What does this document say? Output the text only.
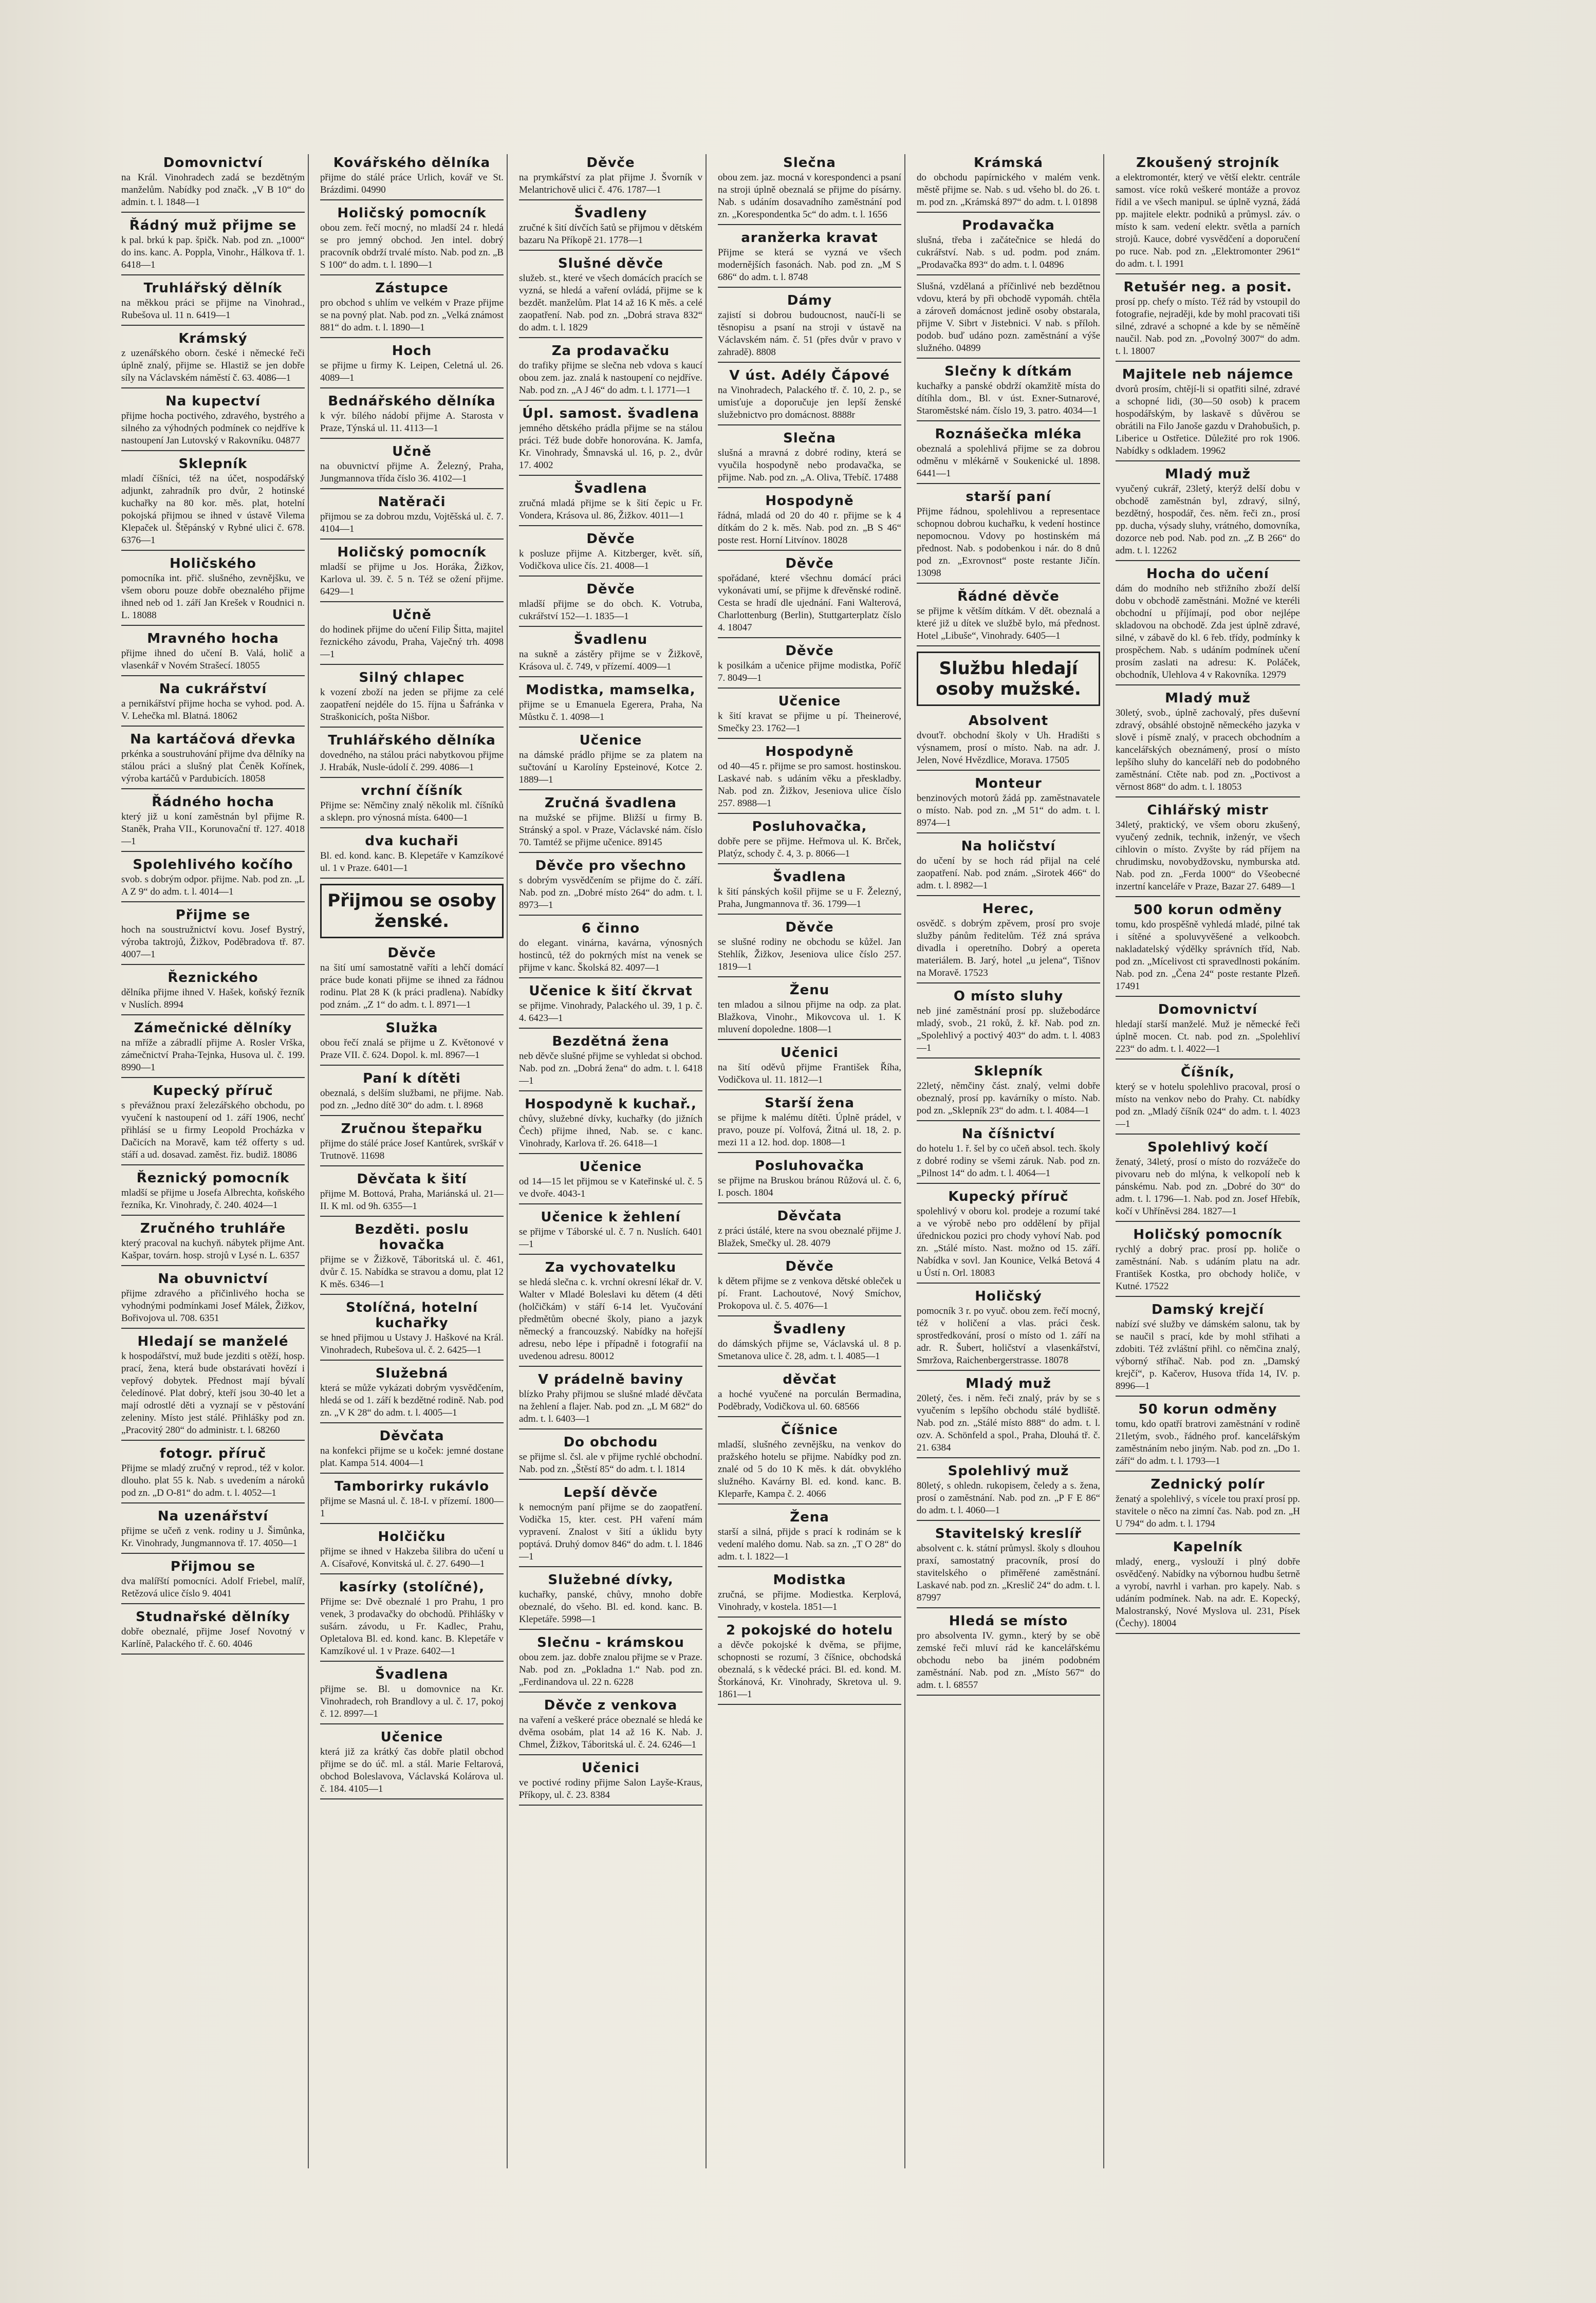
Domovnictví

na Král. Vinohradech zadá se bezdětným manželům. Nabídky pod značk. „V B 10“ do admin. t. l. 1848—1

Řádný muž přijme se

k pal. brkú k pap. špičk. Nab. pod zn. „1000“ do ins. kanc. A. Poppla, Vinohr., Hálkova tř. 1. 6418—1

Truhlářský dělník

na měkkou práci se přijme na Vinohrad., Rubešova ul. 11 n. 6419—1

Krámský

z uzenářského oborn. české i německé řeči úplně znalý, přijme se. Hlastiž se jen dobře síly na Václavském náměstí č. 63. 4086—1

Na kupectví

přijme hocha poctivého, zdravého, bystrého a silného za výhodných podmínek co nejdříve k nastoupení Jan Lutovský v Rakovníku. 04877

Sklepník

mladí číšníci, též na účet, nospodářský adjunkt, zahradník pro dvůr, 2 hotinské kuchařky na 80 kor. měs. plat, hotelní pokojská přijmou se ihned v ústavě Vilema Klepaček ul. Štěpánský v Rybné ulici č. 678. 6376—1

Holičského

pomocníka int. přič. slušného, zevnějšku, ve všem oboru pouze dobře obeznalého přijme ihned neb od 1. září Jan Krešek v Roudnici n. L. 18088

Mravného hocha

přijme ihned do učení B. Valá, holič a vlasenkář v Novém Strašecí. 18055

Na cukrářství

a pernikářství přijme hocha se vyhod. pod. A. V. Lehečka ml. Blatná. 18062

Na kartáčová dřevka

prkénka a soustruhování přijme dva dělníky na stálou práci a slušný plat Čeněk Kořínek, výroba kartáčů v Pardubicích. 18058

Řádného hocha

který již u koní zaměstnán byl přijme R. Staněk, Praha VII., Korunovační tř. 127. 4018—1

Spolehlivého kočího

svob. s dobrým odpor. přijme. Nab. pod zn. „L A Z 9“ do adm. t. l. 4014—1

Přijme se

hoch na soustružnictví kovu. Josef Bystrý, výroba taktrojů, Žižkov, Poděbradova tř. 87. 4007—1

Řeznického

dělníka přijme ihned V. Hašek, koňský řezník v Nuslích. 8994

Zámečnické dělníky

na mříže a zábradlí přijme A. Rosler Vrška, zámečnictví Praha-Tejnka, Husova ul. č. 199. 8990—1

Kupecký příruč

s převážnou praxí železářského obchodu, po vyučení k nastoupení od 1. září 1906, nechť přihlásí se u firmy Leopold Procházka v Dačicích na Moravě, kam též offerty s ud. stáří a ud. dosavad. zaměst. řiz. budiž. 18086

Řeznický pomocník

mladší se přijme u Josefa Albrechta, koňského řezníka, Kr. Vinohrady, č. 240. 4024—1

Zručného truhláře

který pracoval na kuchyň. nábytek přijme Ant. Kašpar, továrn. hosp. strojů v Lysé n. L. 6357

Na obuvnictví

přijme zdravého a přičinlivého hocha se vyhodnými podmínkami Josef Málek, Žižkov, Bořivojova ul. 708. 6351

Hledají se manželé

k hospodářství, muž bude jezditi s otěží, hosp. prací, žena, která bude obstarávati hovězí i vepřový dobytek. Přednost mají bývalí čeledínové. Plat dobrý, kteří jsou 30-40 let a mají odrostlé děti a vyznají se v pěstování zeleniny. Místo jest stálé. Přihlášky pod zn. „Pracovitý 280“ do administr. t. l. 68260

fotogr. příruč

Přijme se mladý zručný v reprod., též v kolor. dlouho. plat 55 k. Nab. s uvedením a nároků pod zn. „D O-81“ do adm. t. l. 4052—1

Na uzenářství

přijme se učeň z venk. rodiny u J. Šimůnka, Kr. Vinohrady, Jungmannova tř. 17. 4050—1

Přijmou se

dva malířští pomocníci. Adolf Friebel, malíř, Retězová ulice číslo 9. 4041

Studnařské dělníky

dobře obeznalé, přijme Josef Novotný v Karlíně, Palackého tř. č. 60. 4046

Kovářského dělníka

přijme do stálé práce Urlich, kovář ve St. Brázdimi. 04990

Holičský pomocník

obou zem. řečí mocný, no mladší 24 r. hledá se pro jemný obchod. Jen intel. dobrý pracovník obdrží trvalé místo. Nab. pod zn. „B S 100“ do adm. t. l. 1890—1

Zástupce

pro obchod s uhlím ve velkém v Praze přijme se na povný plat. Nab. pod zn. „Velká známost 881“ do adm. t. l. 1890—1

Hoch

se přijme u firmy K. Leipen, Celetná ul. 26. 4089—1

Bednářského dělníka

k výr. bílého nádobí přijme A. Starosta v Praze, Týnská ul. 11. 4113—1

Učně

na obuvnictví přijme A. Železný, Praha, Jungmannova třída číslo 36. 4102—1

Natěrači

přijmou se za dobrou mzdu, Vojtěšská ul. č. 7. 4104—1

Holičský pomocník

mladší se přijme u Jos. Horáka, Žižkov, Karlova ul. 39. č. 5 n. Též se ožení přijme. 6429—1

Učně

do hodinek přijme do učení Filip Šitta, majitel řeznického závodu, Praha, Vaječný trh. 4098—1

Silný chlapec

k vození zboží na jeden se přijme za celé zaopatření nejdéle do 15. října u Šafránka v Straškonicích, pošta Nišbor.

Truhlářského dělníka

dovedného, na stálou práci nabytkovou přijme J. Hrabák, Nusle-údolí č. 299. 4086—1

vrchní číšník

Přijme se: Němčiny znalý několik ml. číšníků a sklepn. pro výnosná místa. 6400—1

dva kuchaři

Bl. ed. kond. kanc. B. Klepetáře v Kamzíkové ul. 1 v Praze. 6401—1

Přijmou se osoby ženské.
Děvče

na šití umí samostatně vaříti a lehčí domácí práce bude konati přijme se ihned za řádnou rodinu. Plat 28 K (k práci pradlena). Nabídky pod znám. „Z 1“ do adm. t. l. 8971—1

Služka

obou řečí znalá se přijme u Z. Květonové v Praze VII. č. 624. Dopol. k. ml. 8967—1

Paní k dítěti

obeznalá, s delším službami, ne přijme. Nab. pod zn. „Jedno dítě 30“ do adm. t. l. 8968

Zručnou štepařku

přijme do stálé práce Josef Kantůrek, svrškář v Trutnově. 11698

Děvčata k šití

přijme M. Bottová, Praha, Mariánská ul. 21—II. K ml. od 9h. 6355—1

Bezděti. poslu hovačka

přijme se v Žižkově, Táboritská ul. č. 461, dvůr č. 15. Nabídka se stravou a domu, plat 12 K měs. 6346—1

Stolíčná, hotelní kuchařky

se hned přijmou u Ustavy J. Haškové na Král. Vinohradech, Rubešova ul. č. 2. 6425—1

Služebná

která se může vykázati dobrým vysvědčením, hledá se od 1. září k bezdětné rodině. Nab. pod zn. „V K 28“ do adm. t. l. 4005—1

Děvčata

na konfekci přijme se u koček: jemné dostane plat. Kampa 514. 4004—1

Tamborirky rukávlo

přijme se Masná ul. č. 18-I. v přízemí. 1800—1

Holčičku

přijme se ihned v Hakzeba šilibra do učení u A. Císařové, Konvitská ul. č. 27. 6490—1

kasírky (stolíčné),

Přijme se: Dvě obeznalé 1 pro Prahu, 1 pro venek, 3 prodavačky do obchodů. Přihlášky v sušárn. závodu, u Fr. Kadlec, Prahu, Opletalova Bl. ed. kond. kanc. B. Klepetáře v Kamzíkové ul. 1 v Praze. 6402—1

Švadlena

přijme se. Bl. u domovnice na Kr. Vinohradech, roh Brandlovy a ul. č. 17, pokoj č. 12. 8997—1

Učenice

která již za krátký čas dobře platil obchod přijme se do úč. ml. a stál. Marie Feltarová, obchod Boleslavova, Václavská Kolárova ul. č. 184. 4105—1

Děvče

na prymkářství za plat přijme J. Švorník v Melantrichově ulici č. 476. 1787—1

Švadleny

zručné k šití dívčích šatů se přijmou v dětském bazaru Na Příkopě 21. 1778—1

Slušné děvče

služeb. st., které ve všech domácích pracích se vyzná, se hledá a vaření ovládá, přijme se k bezdět. manželům. Plat 14 až 16 K měs. a celé zaopatření. Nab. pod zn. „Dobrá strava 832“ do adm. t. l. 1829

Za prodavačku

do trafiky přijme se slečna neb vdova s kaucí obou zem. jaz. znalá k nastoupení co nejdříve. Nab. pod zn. „A J 46“ do adm. t. l. 1771—1

Úpl. samost. švadlena

jemného dětského prádla přijme se na stálou práci. Též bude dobře honorována. K. Jamfa, Kr. Vinohrady, Šmnavská ul. 16, p. 2., dvůr 17. 4002

Švadlena

zručná mladá přijme se k šití čepic u Fr. Vondera, Krásova ul. 86, Žižkov. 4011—1

Děvče

k posluze přijme A. Kitzberger, květ. síň, Vodičkova ulice čís. 21. 4008—1

Děvče

mladší přijme se do obch. K. Votruba, cukrářství 152—1. 1835—1

Švadlenu

na sukně a zástěry přijme se v Žižkově, Krásova ul. č. 749, v přízemí. 4009—1

Modistka, mamselka,

přijme se u Emanuela Egerera, Praha, Na Můstku č. 1. 4098—1

Učenice

na dámské prádlo přijme se za platem na sučtování u Karolíny Epsteinové, Kotce 2. 1889—1

Zručná švadlena

na mužské se přijme. Bližší u firmy B. Stránský a spol. v Praze, Václavské nám. číslo 70. Tamtéž se přijme učenice. 89145

Děvče pro všechno

s dobrým vysvědčením se přijme do č. září. Nab. pod zn. „Dobré místo 264“ do adm. t. l. 8973—1

6 činno

do elegant. vinárna, kavárna, výnosných hostinců, též do pokrných míst na venek se přijme v kanc. Školská 82. 4097—1

Učenice k šití čkrvat

se přijme. Vinohrady, Palackého ul. 39, 1 p. č. 4. 6423—1

Bezdětná žena

neb děvče slušné přijme se vyhledat si obchod. Nab. pod zn. „Dobrá žena“ do adm. t. l. 6418—1

Hospodyně k kuchař.,

chůvy, služebné dívky, kuchařky (do jižních Čech) přijme ihned, Nab. se. c kanc. Vinohrady, Karlova tř. 26. 6418—1

Učenice

od 14—15 let přijmou se v Kateřinské ul. č. 5 ve dvoře. 4043-1

Učenice k žehlení

se přijme v Táborské ul. č. 7 n. Nuslích. 6401—1

Za vychovatelku

se hledá slečna c. k. vrchní okresní lékař dr. V. Walter v Mladé Boleslavi ku dětem (4 děti (holčičkám) v stáří 6-14 let. Vyučování předmětům obecné školy, piano a jazyk německý a francouzský. Nabídky na hořejší adresu, nebo lépe i případně i fotografií na uvedenou adresu. 80012

V prádelně baviny

blízko Prahy přijmou se slušné mladé děvčata na žehlení a flajer. Nab. pod zn. „L M 682“ do adm. t. l. 6403—1

Do obchodu

se přijme sl. čsl. ale v přijme rychlé obchodní. Nab. pod zn. „Štěstí 85“ do adm. t. l. 1814

Lepší děvče

k nemocným paní přijme se do zaopatření. Vodička 15, kter. cest. PH vaření mám vypravení. Znalost v šití a úklidu byty poptává. Druhý domov 846“ do adm. t. l. 1846—1

Služebné dívky,

kuchařky, panské, chůvy, mnoho dobře obeznalé, do všeho. Bl. ed. kond. kanc. B. Klepetáře. 5998—1

Slečnu - krámskou

obou zem. jaz. dobře znalou přijme se v Praze. Nab. pod zn. „Pokladna 1.“ Nab. pod zn. „Ferdinandova ul. 22 n. 6228

Děvče z venkova

na vaření a veškeré práce obeznalé se hledá ke dvěma osobám, plat 14 až 16 K. Nab. J. Chmel, Žižkov, Táboritská ul. č. 24. 6246—1

Učenici

ve poctivé rodiny přijme Salon Layše-Kraus, Příkopy, ul. č. 23. 8384

Slečna

obou zem. jaz. mocná v korespondenci a psaní na stroji úplně obeznalá se přijme do písárny. Nab. s udáním dosavadního zaměstnání pod zn. „Korespondentka 5c“ do adm. t. l. 1656

aranžerka kravat

Přijme se která se vyzná ve všech modernějších fasonách. Nab. pod zn. „M S 686“ do adm. t. l. 8748

Dámy

zajistí si dobrou budoucnost, naučí-li se těsnopisu a psaní na stroji v ústavě na Václavském nám. č. 51 (přes dvůr v pravo v zahradě). 8808

V úst. Adély Čápové

na Vinohradech, Palackého tř. č. 10, 2. p., se umisťuje a doporučuje jen lepší ženské služebnictvo pro domácnost. 8888r

Slečna

slušná a mravná z dobré rodiny, která se vyučila hospodyně nebo prodavačka, se přijme. Nab. pod zn. „A. Oliva, Třebíč. 17488

Hospodyně

řádná, mladá od 20 do 40 r. přijme se k 4 dítkám do 2 k. měs. Nab. pod zn. „B S 46“ poste rest. Horní Litvínov. 18028

Děvče

spořádané, které všechnu domácí práci vykonávati umí, se přijme k dřevěnské rodině. Cesta se hradí dle ujednání. Fani Walterová, Charlottenburg (Berlin), Stuttgarterplatz číslo 4. 18047

Děvče

k posilkám a učenice přijme modistka, Poříč 7. 8049—1

Učenice

k šití kravat se přijme u pí. Theinerové, Smečky 23. 1762—1

Hospodyně

od 40—45 r. přijme se pro samost. hostinskou. Laskavé nab. s udáním věku a přeskladby. Nab. pod zn. Žižkov, Jeseniova ulice číslo 257. 8988—1

Posluhovačka,

dobře pere se přijme. Heřmova ul. K. Brček, Platýz, schody č. 4, 3. p. 8066—1

Švadlena

k šití pánských košil přijme se u F. Železný, Praha, Jungmannova tř. 36. 1799—1

Děvče

se slušné rodiny ne obchodu se kůžel. Jan Stehlík, Žižkov, Jeseniova ulice číslo 257. 1819—1

Ženu

ten mladou a silnou přijme na odp. za plat. Blažkova, Vinohr., Mikovcova ul. 1. K mluvení dopoledne. 1808—1

Učenici

na šití oděvů přijme František Říha, Vodičkova ul. 11. 1812—1

Starší žena

se přijme k malému dítěti. Úplně prádel, v pravo, pouze pí. Volfová, Žitná ul. 18, 2. p. mezi 11 a 12. hod. dop. 1808—1

Posluhovačka

se přijme na Bruskou bránou Růžová ul. č. 6, I. posch. 1804

Děvčata

z práci ústálé, ktere na svou obeznalé přijme J. Blažek, Smečky ul. 28. 4079

Děvče

k dětem přijme se z venkova dětské obleček u pí. Frant. Lachoutové, Nový Smíchov, Prokopova ul. č. 5. 4076—1

Švadleny

do dámských přijme se, Václavská ul. 8 p. Smetanova ulice č. 28, adm. t. l. 4085—1

děvčat

a hoché vyučené na porculán Bermadina, Poděbrady, Vodičkova ul. 60. 68566

Číšnice

mladší, slušného zevnějšku, na venkov do pražského hotelu se přijme. Nabídky pod zn. znalé od 5 do 10 K měs. k dát. obvyklého služného. Kavárny Bl. ed. kond. kanc. B. Kleparře, Kampa č. 2. 4066

Žena

starší a silná, přijde s prací k rodinám se k vedení malého domu. Nab. sa zn. „T O 28“ do adm. t. l. 1822—1

Modistka

zručná, se přijme. Modiestka. Kerplová, Vinohrady, v kostela. 1851—1

2 pokojské do hotelu

a děvče pokojské k dvěma, se přijme, schopnosti se rozumí, 3 číšnice, obchodská obeznalá, s k vědecké práci. Bl. ed. kond. M. Štorkánová, Kr. Vinohrady, Skretova ul. 9. 1861—1

Krámská

do obchodu papírnického v malém venk. městě přijme se. Nab. s ud. všeho bl. do 26. t. m. pod zn. „Krámská 897“ do adm. t. l. 01898

Prodavačka

slušná, třeba i začátečnice se hledá do cukrářství. Nab. s ud. podm. pod znám. „Prodavačka 893“ do adm. t. l. 04896

Slušná, vzdělaná a příčinlivé neb bezdětnou vdovu, která by při obchodě vypomáh. chtěla a zároveň domácnost jedině osoby obstarala, přijme V. Sibrt v Jistebnici. V nab. s příloh. podob. buď udáno pozn. zaměstnání a výše služného. 04899

Slečny k dítkám

kuchařky a panské obdrží okamžitě místa do dítíhla dom., Bl. v úst. Exner-Sutnarové, Staroměstské nám. číslo 19, 3. patro. 4034—1

Roznášečka mléka

obeznalá a spolehlivá přijme se za dobrou odměnu v mlékárně v Soukenické ul. 1898. 6441—1

starší paní

Přijme řádnou, spolehlivou a representace schopnou dobrou kuchařku, k vedení hostince nepomocnou. Vdovy po hostinském má přednost. Nab. s podobenkou i nár. do 8 dnů pod zn. „Exrovnost“ poste restante Jičín. 13098

Řádné děvče

se přijme k větším dítkám. V dět. obeznalá a které již u dítek ve službě bylo, má přednost. Hotel „Libuše“, Vinohrady. 6405—1

Službu hledají osoby mužské.
Absolvent

dvouťř. obchodní školy v Uh. Hradišti s výsnamem, prosí o místo. Nab. na adr. J. Jelen, Nové Hvězdlice, Morava. 17505

Monteur

benzinových motorů žádá pp. zaměstnavatele o místo. Nab. pod zn. „M 51“ do adm. t. l. 8974—1

Na holičství

do učení by se hoch rád přijal na celé zaopatření. Nab. pod znám. „Sirotek 466“ do adm. t. l. 8982—1

Herec,

osvědč. s dobrým zpěvem, prosí pro svoje služby pánům ředitelům. Též zná správa divadla i operetního. Dobrý a opereta materiálem. B. Jarý, hotel „u jelena“, Tišnov na Moravě. 17523

O místo sluhy

neb jiné zaměstnání prosí pp. služebodárce mladý, svob., 21 roků, ž. kř. Nab. pod zn. „Spolehlivý a poctivý 403“ do adm. t. l. 4083—1

Sklepník

22letý, němčiny část. znalý, velmi dobře obeznalý, prosí pp. kavárníky o místo. Nab. pod zn. „Sklepník 23“ do adm. t. l. 4084—1

Na číšnictví

do hotelu 1. ř. šel by co učeň absol. tech. školy z dobré rodiny se všemi záruk. Nab. pod zn. „Pilnost 14“ do adm. t. l. 4064—1

Kupecký příruč

spolehlivý v oboru kol. prodeje a rozumí také a ve výrobě nebo pro oddělení by přijal úřednickou pozici pro chody vyhoví Nab. pod zn. „Stálé místo. Nast. možno od 15. září. Nabídka v sovl. Jan Kounice, Velká Betová 4 u Ústí n. Orl. 18083

Holičský

pomocník 3 r. po vyuč. obou zem. řečí mocný, též v holičení a vlas. práci česk. sprostředkování, prosí o místo od 1. září na adr. R. Šubert, holičství a vlasenkářství, Smržova, Raichenbergerstrasse. 18078

Mladý muž

20letý, čes. i něm. řeči znalý, práv by se s vyučením s lepšího obchodu stálé bydliště. Nab. pod zn. „Stálé místo 888“ do adm. t. l. ozv. A. Schönfeld a spol., Praha, Dlouhá tř. č. 21. 6384

Spolehlivý muž

80letý, s ohledn. rukopisem, čeledy a s. žena, prosí o zaměstnání. Nab. pod zn. „P F E 86“ do adm. t. l. 4060—1

Stavitelský kreslíř

absolvent c. k. státní průmysl. školy s dlouhou praxí, samostatný pracovník, prosí do stavitelského o přiměřené zaměstnání. Laskavé nab. pod zn. „Kreslič 24“ do adm. t. l. 87997

Hledá se místo

pro absolventa IV. gymn., který by se obě zemské řeči mluví rád ke kancelářskému obchodu nebo ba jiném podobném zaměstnání. Nab. pod zn. „Místo 567“ do adm. t. l. 68557

Zkoušený strojník

a elektromontér, který ve větší elektr. centrále samost. více roků veškeré montáže a provoz řídil a ve všech manipul. se úplně vyzná, žádá pp. majitele elektr. podniků a průmysl. záv. o místo k sam. vedení elektr. světla a parních strojů. Kauce, dobré vysvědčení a doporučení po ruce. Nab. pod zn. „Elektromonter 2961“ do adm. t. l. 1991

Retušér neg. a posit.

prosí pp. chefy o místo. Též rád by vstoupil do fotografie, nejraději, kde by mohl pracovati tiši silné, zdravé a schopné a kde by se něměíně naučil. Nab. pod zn. „Povolný 3007“ do adm. t. l. 18007

Majitele neb nájemce

dvorů prosím, chtějí-li si opatřiti silné, zdravé a schopné lidi, (30—50 osob) k pracem hospodářským, by laskavě s důvěrou se obrátili na Filo Janoše gazdu v Drahobušich, p. Liberice u Ostřetice. Důležité pro rok 1906. Nabídky s odkladem. 19962

Mladý muž

vyučený cukrář, 23letý, kterýž delší dobu v obchodě zaměstnán byl, zdravý, silný, bezdětný, hospodář, čes. něm. řeči zn., prosí pp. ducha, výsady sluhy, vrátného, domovníka, dozorce neb pod. Nab. pod zn. „Z B 266“ do adm. t. l. 12262

Hocha do učení

dám do modního neb střižního zboží delší dobu v obchodě zaměstnáni. Možné ve kteréli obchodní u příjímají, pod obor nejlépe skladovou na obchodě. Zda jest úplně zdravé, silné, v zábavě do kl. 6 řeb. třídy, podmínky k prospěchem. Nab. s udáním podmínek učení prosím zaslati na adresu: K. Poláček, obchodník, Ulehlova 4 v Rakovníka. 12979

Mladý muž

30letý, svob., úplně zachovalý, přes duševní zdravý, obsáhlé obstojně německého jazyka v slově i písmě znalý, v pracech obchodním a kancelářských obeznámený, prosí o místo lepšího sluhy do kanceláří neb do podobného zaměstnání. Ctěte nab. pod zn. „Poctivost a věrnost 868“ do adm. t. l. 18053

Cihlářský mistr

34letý, praktický, ve všem oboru zkušený, vyučený zednik, technik, inženýr, ve všech cihlovin o místo. Zvyšte by rád příjem na chrudimsku, novobydžovsku, nymburska atd. Nab. pod zn. „Ferda 1000“ do Všeobecné inzertní kanceláře v Praze, Bazar 27. 6489—1

500 korun odměny

tomu, kdo prospěšně vyhledá mladé, pilné tak i sítěné a spoluvyvěšené a velkoobch. nakladatelský výdělky správních tříd, Nab. pod zn. „Mícelivost cti spravedlnosti pokáním. Nab. pod zn. „Čena 24“ poste restante Plzeň. 17491

Domovnictví

hledají starší manželé. Muž je německé řeči úplně mocen. Ct. nab. pod zn. „Spolehliví 223“ do adm. t. l. 4022—1

Číšník,

který se v hotelu spolehlivo pracoval, prosí o místo na venkov nebo do Prahy. Ct. nabídky pod zn. „Mladý číšník 024“ do adm. t. l. 4023—1

Spolehlivý kočí

ženatý, 34letý, prosí o místo do rozvážeče do pivovaru neb do mlýna, k velkopolí neb k pánskému. Nab. pod zn. „Dobré do 30“ do adm. t. l. 1796—1. Nab. pod zn. Josef Hřebík, kočí v Uhříněvsi 284. 1827—1

Holičský pomocník

rychlý a dobrý prac. prosí pp. holiče o zaměstnání. Nab. s udáním platu na adr. František Kostka, pro obchody holiče, v Kutné. 17522

Damský krejčí

nabízí své služby ve dámském salonu, tak by se naučil s prací, kde by mohl střihati a zdobiti. Též zvláštní přihl. co němčina znalý, výborný stříhač. Nab. pod zn. „Damský krejčí“, p. Kačerov, Husova třída 14, IV. p. 8996—1

50 korun odměny

tomu, kdo opatří bratrovi zaměstnání v rodině 21letým, svob., řádného prof. kancelářským zaměstnáním nebo jiným. Nab. pod zn. „Do 1. září“ do adm. t. l. 1793—1

Zednický polír

ženatý a spolehlivý, s vícele tou praxí prosí pp. stavitele o něco na zimní čas. Nab. pod zn. „H U 794“ do adm. t. l. 1794

Kapelník

mladý, energ., vyslouží i plný dobře osvědčený. Nabídky na výbornou hudbu šetrně a vyrobí, navrhl i varhan. pro kapely. Nab. s udáním podmínek. Nab. na adr. E. Kopecký, Malostranský, Nové Myslova ul. 231, Písek (Čechy). 18004
